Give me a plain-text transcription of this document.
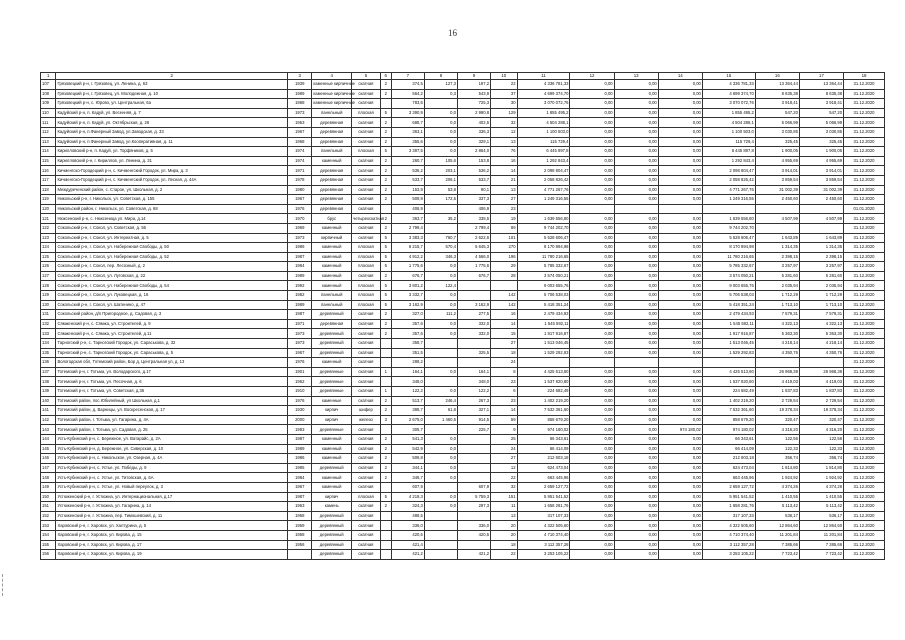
16
1	2	3	4	5	6	7	8	9	10	11	12	13	14	15	16	17	18
107	Грязовецкий р-н, г. Грязовец, ул. Ленина, д. 63	1939	каменные кирпичные	скатная	2	374,5	127,3	197,2	22	4 336 781,33	0,00	0,00	0,00	4 336 781,33	13 364,44	13 364,44	31.12.2020
108	Грязовецкий р-н, г. Грязовец, ул. Молодежная, д. 10	1989	каменные кирпичные	скатная	2	564,2	0,3	543,9	37	4 699 374,70	0,00	0,00	0,00	4 699 374,70	8 635,38	8 635,38	31.12.2020
109	Грязовецкий р-н, с. Юрово, ул. Центральная, 6а	1968	каменные кирпичные	скатная		783,5		725,3	30	3 070 072,76	0,00	0,00	0,00	3 070 072,76	3 918,41	3 918,41	31.12.2020
110	Кадуйский р-н, п. Кадуй, ул. Весенняя, д. 7	1973	панельный	плоская	5	3 390,9	0,0	2 990,8	129	1 855 495,2	0,00	0,00	0,00	1 855 495,2	547,20	547,20	31.12.2020
111	Кадуйский р-н, п. Кадуй, ул. Октябрьская, д. 26	1953	деревянная	скатная	2	688,7	0,0	402,5	32	4 504 288,1	0,00	0,00	0,00	4 504 288,1	5 066,99	5 066,99	31.12.2020
112	Кадуйский р-н, п.Фанерный Завод, ул.Заводская, д. 33	1967	деревянная	скатная	2	363,1	0,0	336,3	12	1 100 503,0	0,00	0,00	0,00	1 100 503,0	3 030,85	3 030,85	31.12.2020
113	Кадуйский р-н, п.Фанерный Завод, ул.Кооперативная, д. 11	1968	деревянная	скатная	2	355,6	0,0	329,1	13	115 729,4	0,00	0,00	0,00	115 729,4	325,45	325,45	31.12.2020
114	Кирилловский р-н, п. Кадуй, ул. Торфяников, д. 5	1974	панельный	плоская	5	3 397,5	0,0	2 864,0	76	6 445 897,8	0,00	0,00	0,00	6 445 897,8	1 900,05	1 900,05	31.12.2020
115	Кирилловский р-н, г. Кириллов, ул. Ленина, д. 31	1974	каменный	скатная	2	260,7	105,6	153,8	16	1 292 843,4	0,00	0,00	0,00	1 292 843,4	4 955,69	4 955,69	31.12.2020
116	Кичменгско-Городецкий р-н, с. Кичменгский Городок, ул. Мира, д. 3	1971	деревянная	скатная	2	536,2	203,1	536,2	14	2 098 804,47	0,00	0,00	0,00	2 098 804,47	3 914,01	3 914,01	31.12.2020
117	Кичменгско-Городецкий р-н, с. Кичменгский Городок, ул. Лесная, д. 44А	1978	деревянная	скатная	2	533,7	206,1	533,7	21	2 058 826,42	0,00	0,00	0,00	2 058 826,42	3 859,54	3 859,54	31.12.2020
118	Междуреченский район, с. Старое, ул. Школьная, д. 2	1980	деревянная	скатная	2	153,9	53,8	90,1	13	4 771 267,76	0,00	0,00	0,00	4 771 267,76	31 002,39	31 002,39	31.12.2020
119	Никольский р-н, г. Никольск, ул. Советская, д. 155	1967	деревянная	скатная	2	509,9	172,5	337,3	27	1 249 316,55	0,00	0,00	0,00	1 249 316,55	2 450,60	2 450,60	31.12.2020
120	Никольский район, г. Никольск, ул. Советская, д. 68	1976	деревянная	скатная		406,9		406,9	23								01.01.2020
121	Нюксенский р-н, с. Нюксеница ул. Мира, д.14	1970	брус	четырехскатная	2	363,7	35,2	338,5	19	1 639 556,80	0,00	0,00	0,00	1 639 556,80	4 507,99	4 507,99	31.12.2020
122	Сокольский р-н, г. Сокол, ул. Советская, д. 55	1969	каменный	скатная	2	2 799,4		2 799,4	89	9 744 202,70	0,00	0,00	0,00	9 744 202,70			31.12.2020
123	Сокольский р-н, г. Сокол, ул. Интернатная, д. 5	1973	кирпичный	скатная	5	3 383,3	760,7	2 622,6	101	5 528 606,47	0,00	0,00	0,00	5 528 606,47	1 643,89	1 643,89	31.12.2020
124	Сокольский р-н, г. Сокол, ул. Набережная Свободы, д. 50	1986	каменный	плоская	5	6 215,7	570,4	5 645,3	270	8 170 894,98	0,00	0,00	0,00	8 170 894,98	1 314,35	1 314,35	31.12.2020
125	Сокольский р-н, г. Сокол, ул. Набережная Свободы, д. 52	1987	каменный	плоская	5	4 912,2	346,3	4 566,0	196	11 780 216,65	0,00	0,00	0,00	11 780 216,65	2 398,15	2 398,15	31.12.2020
126	Сокольский р-н, г. Сокол, пер. Лесозный, д. 2	1984	каменный	плоская	5	1 775,6	0,0	1 775,6	29	5 785 332,67	0,00	0,00	0,00	5 785 332,67	3 257,97	3 257,97	31.12.2020
127	Сокольский р-н, г. Сокол, ул. Луговская, д. 22	1989	каменный	скатная	2	676,7	0,0	676,7	28	3 574 050,21	0,00	0,00	0,00	3 574 050,21	5 281,60	5 281,60	31.12.2020
128	Сокольский р-н, г. Сокол, ул. Набережная Свободы, д. 54	1992	каменный	плоская	5	3 801,2	122,4			9 003 655,76	0,00	0,00	0,00	9 003 655,76	2 035,94	2 035,94	31.12.2020
129	Сокольский р-н, г. Сокол, ул. Луковецкая, д. 16	1982	панельный	плоская	5	3 332,7	0,0		142	5 706 538,03	0,00	0,00	0,00	5 706 538,03	1 712,29	1 712,29	31.12.2020
130	Сокольский р-н, г. Сокол, ул. Шатенино, д. 47	1989	панельный	плоская	5	3 162,9	0,0	3 162,9	142	5 418 351,24	0,00	0,00	0,00	5 418 351,24	1 713,10	1 713,10	31.12.2020
131	Сокольский район, д/п Пригородное, д. Садовая, д. 3	1987	деревянный	скатная	2	327,0	111,2	277,5	16	2 479 434,93	0,00	0,00	0,00	2 479 434,93	7 579,31	7 579,31	31.12.2020
132	Сямженский р-н, с. Сямжа, ул. Строителей, д. 9	1971	деревянная	скатная	2	357,6	0,0	332,0	14	1 545 592,11	0,00	0,00	0,00	1 545 592,11	4 322,13	4 322,13	31.12.2020
133	Сямженский р-н, с. Сямжа, ул. Строителей, д.11	1973	деревянный	скатная	2	357,6	0,0	332,0	15	1 917 916,87	0,00	0,00	0,00	1 917 916,87	5 363,30	5 363,30	31.12.2020
134	Тарногский р-н, с. Тарногский Городок, ул. Сараськова, д. 32	1973	деревянный	скатная		358,7			27	1 513 046,45	0,00	0,00	0,00	1 513 046,45	4 218,14	4 218,14	31.12.2020
135	Тарногский р-н, с. Тарногский Городок, ул. Сараськова, д. 5	1967	деревянный	скатная		351,5		325,5	18	1 529 292,83	0,00	0,00	0,00	1 529 292,83	4 350,76	4 350,76	31.12.2020
136	Вологодская обл, Тотемский район, Бор д, Центральная ул, д. 13	1976	каменный	скатная		288,2			24								31.12.2020
137	Тотемский р-н, г. Тотьма, ул. Володарского, д.17	1901	деревянные	скатная	1	164,1	0,0	164,1	8	4 425 513,60	0,00	0,00	0,00	4 425 513,60	26 968,39	26 968,39	31.12.2020
138	Тотемский р-н, г. Тотьма, ул. Песочная, д. 6	1962	деревянные	скатная		348,0		348,0	23	1 537 820,80	0,00	0,00	0,00	1 537 820,80	4 419,03	4 419,03	31.12.2020
139	Тотемский р-н, г. Тотьма, ул. Советская, д.36	1910	деревянные	скатная	1	122,2	0,0	122,2	6	224 682,49	0,00	0,00	0,00	224 682,49	1 837,83	1 837,83	31.12.2020
140	Тотемский район, пос.Юбилейный, ул Школьная, д.1	1976	каменные	скатная	2	513,7	246,4	267,3	23	1 402 219,20	0,00	0,00	0,00	1 402 219,20	2 729,54	2 729,54	31.12.2020
141	Тотемский район, д. Варницы, ул. Воскресенская, д. 17	1930	кирпич	шифер	2	388,7	61,8	327,1	14	7 532 361,60	0,00	0,00	0,00	7 532 361,60	19 378,34	19 378,34	31.12.2020
142	Тотемский район, г. Тотьма, ул. Гагарина, д. 4А	2000	кирпич	железо	3	2 675,0	1 460,5	914,5	59	858 679,20	0,00	0,00	0,00	858 679,20	320,47	320,47	31.12.2020
143	Тотемский район, г. Тотьма, ул. Садовая, д. 25	1983	деревянные	скатная		305,7		225,7	9	974 180,02	0,00	0,00	974 180,02	974 180,02	4 316,20	4 316,20	31.12.2020
144	Усть-Кубинский р-н, с. Бережное, ул. Ватарайс, д. 2А	1987	каменный	скатная	2	541,3	0,0		25	66 343,61	0,00	0,00	0,00	66 343,61	122,56	122,56	31.12.2020
145	Усть-Кубинский р-н, д. Бережное, ул. Сиверская, д. 10	1989	каменный	скатная	2	542,9	0,0		24	66 414,09	0,00	0,00	0,00	66 414,09	122,33	122,33	31.12.2020
146	Усть-Кубинский р-н, с. Никольское, ул. Озерная, д. 4А	1986	каменный	скатная	2	506,8	0,0		27	212 603,18	0,00	0,00	0,00	212 603,18	356,74	356,74	31.12.2020
147	Усть-Кубинский р-н, с. Устье, ул. Победы, д. 9	1985	деревянный	скатная	2	344,1	0,0		12	624 473,04	0,00	0,00	0,00	624 473,04	1 814,80	1 814,80	31.12.2020
148	Усть-Кубинский р-н, с. Устье, ул. Титовская, д. 6А	1984	каменный	скатная	2	346,7	0,0		22	663 445,96	0,00	0,00	0,00	663 445,96	1 924,92	1 924,92	31.12.2020
149	Усть-Кубинский р-н, с. Устье, ул. Новый переулок, д. 3	1967	каменный	скатная		607,9		607,9	32	2 659 127,72	0,00	0,00	0,00	2 659 127,72	4 374,26	4 374,26	31.12.2020
150	Устюженский р-н, г. Устюжна, ул. Интернациональная, д.17	1987	кирпич	плоская	5	4 219,3	0,0	5 759,3	151	5 951 541,52	0,00	0,00	0,00	5 951 541,52	1 410,55	1 410,55	31.12.2020
151	Устюженский р-н, г. Устюжна, ул. Гагарина, д. 14	1963	камень	скатная	2	324,3	0,0	297,3	11	1 658 281,76	0,00	0,00	0,00	1 658 281,76	5 113,42	5 113,42	31.12.2020
152	Устюженский р-н, г. Устюжна, пер. Тимошевский, д. 11	1958	деревянный	скатная		488,5			13	317 107,33	0,00	0,00	0,00	317 107,33	536,17	536,17	31.12.2020
153	Харовский р-н, г. Харовск, ул. Халтурина, д. 5	1959	деревянный	скатная		336,0		336,0	20	4 322 505,60	0,00	0,00	0,00	4 322 505,60	12 864,60	12 864,60	31.12.2020
154	Харовский р-н, г. Харовск, ул. Кирова, д. 15	1958	деревянный	скатная		420,5		420,5	20	4 710 374,40	0,00	0,00	0,00	4 710 374,40	11 201,84	11 201,84	31.12.2020
155	Харовский р-н, г. Харовск, ул. Кирова, д. 17	1956	деревянный	скатная		421,4			18	3 112 357,28	0,00	0,00	0,00	3 112 357,28	7 385,66	7 385,66	31.12.2020
156	Харовский р-н, г. Харовск, ул. Кирова, д. 19		деревянный	скатная		421,2		421,2	22	3 253 105,22	0,00	0,00	0,00	3 253 105,22	7 723,42	7 723,42	31.12.2020
